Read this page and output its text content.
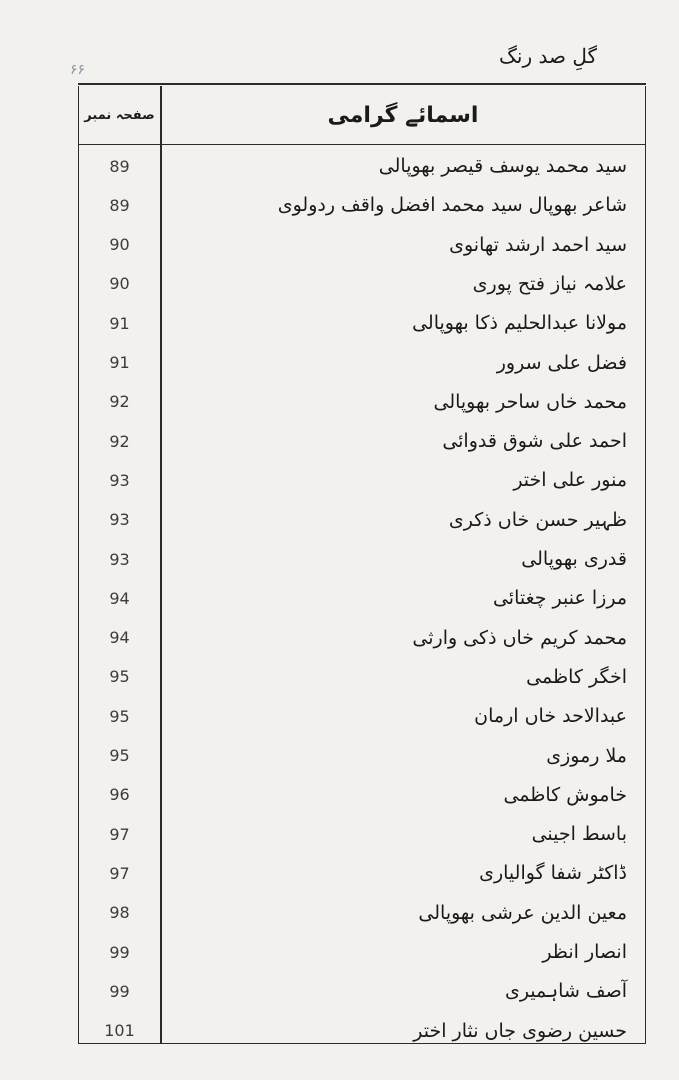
گلِ صد رنگ
۶۶
صفحہ نمبر	اسمائے گرامی
89	سید محمد یوسف قیصر بھوپالی
89	شاعر بھوپال سید محمد افضل واقف ردولوی
90	سید احمد ارشد تھانوی
90	علامہ نیاز فتح پوری
91	مولانا عبدالحلیم ذکا بھوپالی
91	فضل علی سرور
92	محمد خاں ساحر بھوپالی
92	احمد علی شوق قدوائی
93	منور علی اختر
93	ظہیر حسن خاں ذکری
93	قدری بھوپالی
94	مرزا عنبر چغتائی
94	محمد کریم خاں ذکی وارثی
95	اخگر کاظمی
95	عبدالاحد خاں ارمان
95	ملا رموزی
96	خاموش کاظمی
97	باسط اجینی
97	ڈاکٹر شفا گوالیاری
98	معین الدین عرشی بھوپالی
99	انصار انظر
99	آصف شاہمیری
101	حسین رضوی جاں نثار اختر
